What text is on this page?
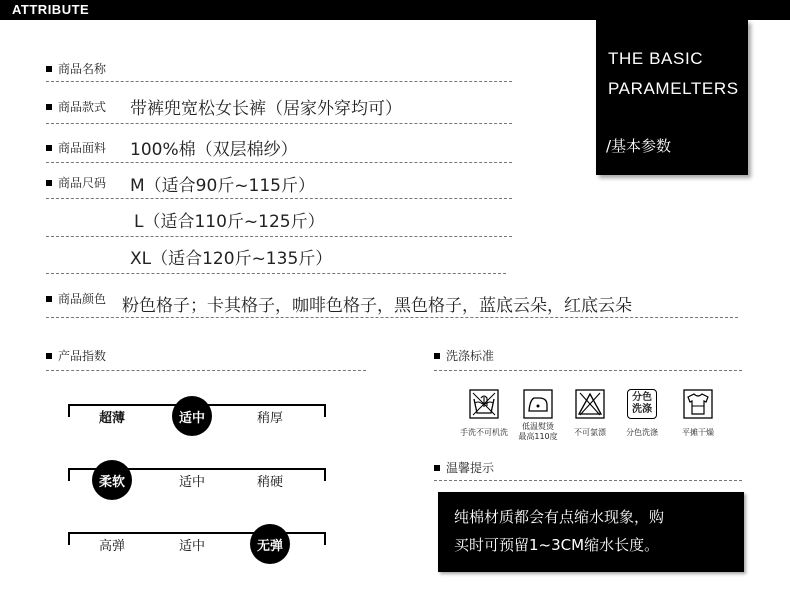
ATTRIBUTE
THE BASIC
PARAMELTERS
/基本参数
商品名称
商品款式 带裤兜宽松女长裤（居家外穿均可）
商品面料 100%棉（双层棉纱）
商品尺码 M（适合90斤~115斤）
L（适合110斤~125斤）
XL（适合120斤~135斤）
商品颜色 粉色格子；卡其格子，咖啡色格子，黑色格子，蓝底云朵，红底云朵
产品指数
超薄	适中	稍厚
柔软	适中	稍硬
高弹	适中	无弹
洗涤标准
手洗不可机洗
低温熨烫
最高110度 不可氯漂
分色
洗涤
分色洗涤	平摊干燥
温馨提示
纯棉材质都会有点缩水现象，购
买时可预留1~3CM缩水长度。
